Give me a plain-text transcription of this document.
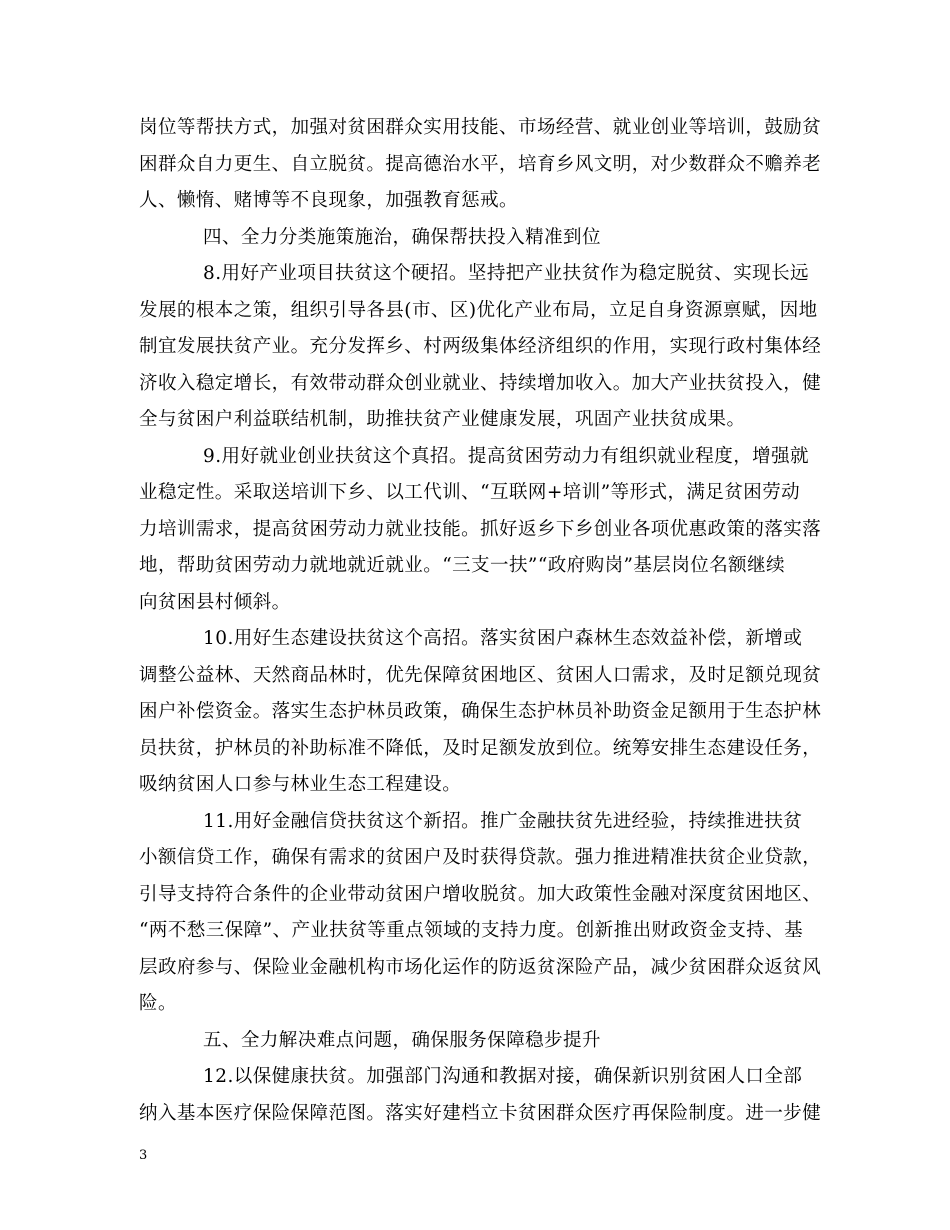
岗位等帮扶方式，加强对贫困群众实用技能、市场经营、就业创业等培训，鼓励贫
困群众自力更生、自立脱贫。提高德治水平，培育乡风文明，对少数群众不赡养老
人、懒惰、赌博等不良现象，加强教育惩戒。
四、全力分类施策施治，确保帮扶投入精准到位
8.用好产业项目扶贫这个硬招。坚持把产业扶贫作为稳定脱贫、实现长远
发展的根本之策，组织引导各县(市、区)优化产业布局，立足自身资源禀赋，因地
制宜发展扶贫产业。充分发挥乡、村两级集体经济组织的作用，实现行政村集体经
济收入稳定增长，有效带动群众创业就业、持续增加收入。加大产业扶贫投入，健
全与贫困户利益联结机制，助推扶贫产业健康发展，巩固产业扶贫成果。
9.用好就业创业扶贫这个真招。提高贫困劳动力有组织就业程度，增强就
业稳定性。采取送培训下乡、以工代训、“互联网+培训”等形式，满足贫困劳动
力培训需求，提高贫困劳动力就业技能。抓好返乡下乡创业各项优惠政策的落实落
地，帮助贫困劳动力就地就近就业。“三支一扶”“政府购岗”基层岗位名额继续
向贫困县村倾斜。
10.用好生态建设扶贫这个高招。落实贫困户森林生态效益补偿，新增或
调整公益林、天然商品林时，优先保障贫困地区、贫困人口需求，及时足额兑现贫
困户补偿资金。落实生态护林员政策，确保生态护林员补助资金足额用于生态护林
员扶贫，护林员的补助标准不降低，及时足额发放到位。统筹安排生态建设任务，
吸纳贫困人口参与林业生态工程建设。
11.用好金融信贷扶贫这个新招。推广金融扶贫先进经验，持续推进扶贫
小额信贷工作，确保有需求的贫困户及时获得贷款。强力推进精准扶贫企业贷款，
引导支持符合条件的企业带动贫困户增收脱贫。加大政策性金融对深度贫困地区、
“两不愁三保障”、产业扶贫等重点领域的支持力度。创新推出财政资金支持、基
层政府参与、保险业金融机构市场化运作的防返贫深险产品，减少贫困群众返贫风
险。
五、全力解决难点问题，确保服务保障稳步提升
12.以保健康扶贫。加强部门沟通和教据对接，确保新识别贫困人口全部
纳入基本医疗保险保障范图。落实好建档立卡贫困群众医疗再保险制度。进一步健
3
